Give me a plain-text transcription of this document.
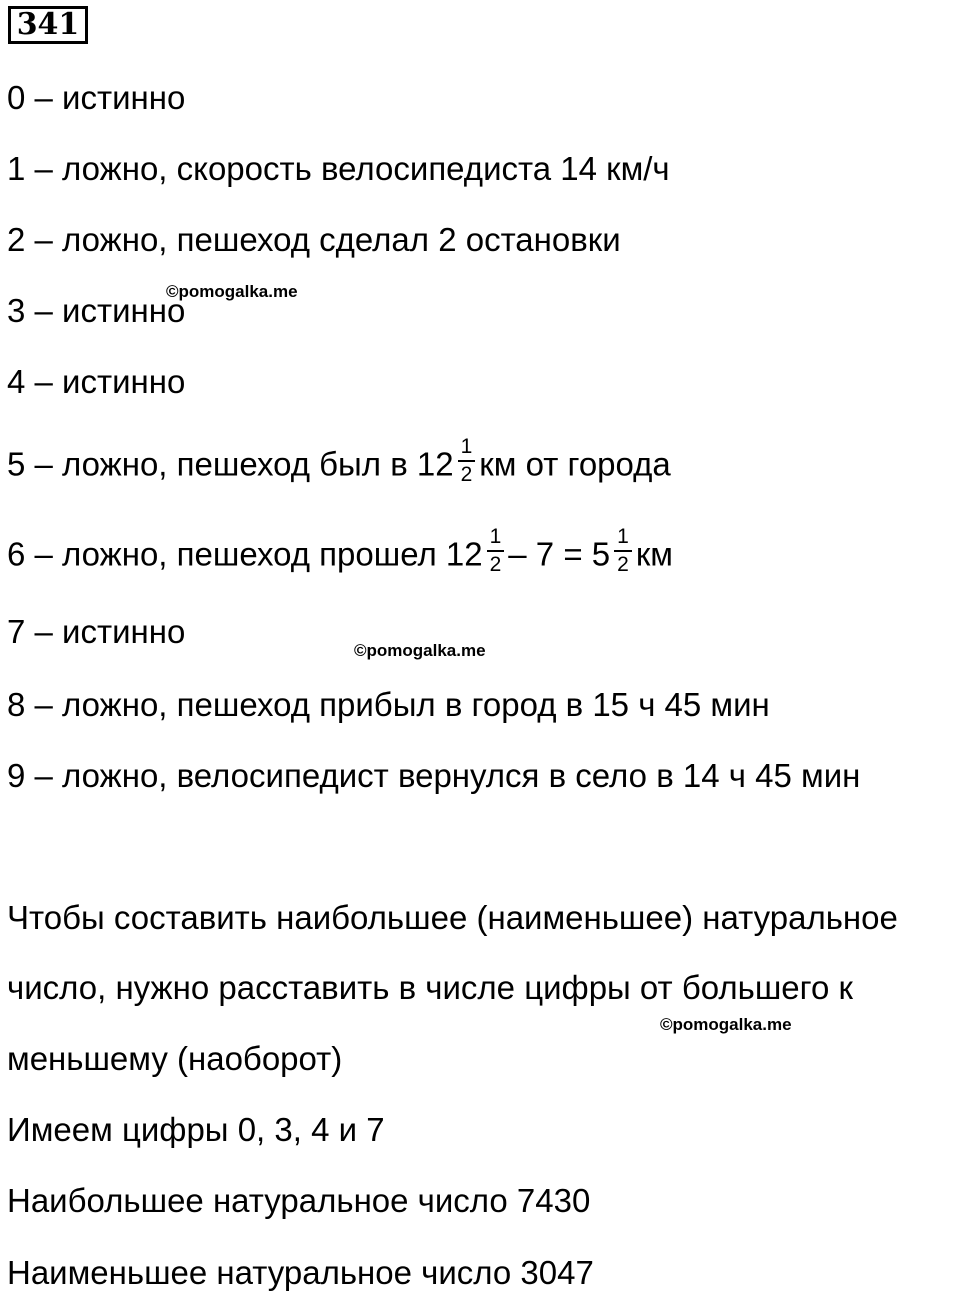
341
0 – истинно
1 – ложно, скорость велосипедиста 14 км/ч
2 – ложно, пешеход сделал 2 остановки
3 – истинно
4 – истинно
5 – ложно, пешеход был в $12 \frac{1}{2}$ км от города
6 – ложно, пешеход прошел $12 \frac{1}{2} - 7 = 5 \frac{1}{2}$ км
7 – истинно
8 – ложно, пешеход прибыл в город в 15 ч 45 мин
9 – ложно, велосипедист вернулся в село в 14 ч 45 мин
Чтобы составить наибольшее (наименьшее) натуральное
число, нужно расставить в числе цифры от большего к
меньшему (наоборот)
Имеем цифры 0, 3, 4 и 7
Наибольшее натуральное число 7430
Наименьшее натуральное число 3047
©pomogalka.me
©pomogalka.me
©pomogalka.me
